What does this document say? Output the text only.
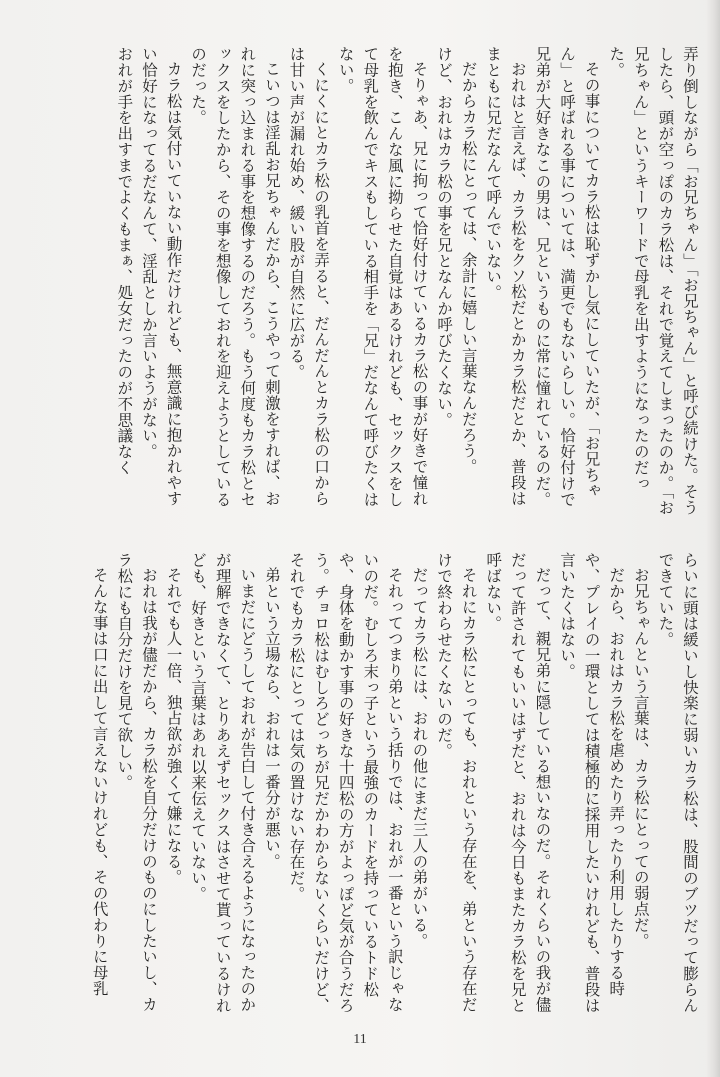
弄り倒しながら「お兄ちゃん」「お兄ちゃん」と呼び続けた。そうしたら、頭が空っぽのカラ松は、それで覚えてしまったのか。「お兄ちゃん」というキーワードで母乳を出すようになったのだった。

その事についてカラ松は恥ずかし気にしていたが、「お兄ちゃん」と呼ばれる事については、満更でもないらしい。恰好付けで兄弟が大好きなこの男は、兄というものに常に憧れているのだ。

おれはと言えば、カラ松をクソ松だとかカラ松だとか、普段はまともに兄だなんて呼んでいない。

だからカラ松にとっては、余計に嬉しい言葉なんだろう。

けど、おれはカラ松の事を兄となんか呼びたくない。

そりゃあ、兄に拘って恰好付けているカラ松の事が好きで憧れを抱き、こんな風に拗らせた自覚はあるけれども、セックスをして母乳を飲んでキスもしている相手を「兄」だなんて呼びたくはない。

くにくにとカラ松の乳首を弄ると、だんだんとカラ松の口からは甘い声が漏れ始め、緩い股が自然に広がる。

こいつは淫乱お兄ちゃんだから、こうやって刺激をすれば、おれに突っ込まれる事を想像するのだろう。もう何度もカラ松とセックスをしたから、その事を想像しておれを迎えようとしているのだった。

カラ松は気付いていない動作だけれども、無意識に抱かれやすい恰好になってるだなんて、淫乱としか言いようがない。

おれが手を出すまでよくもまぁ、処女だったのが不思議なく

らいに頭は緩いし快楽に弱いカラ松は、股間のブツだって膨らんできていた。

お兄ちゃんという言葉は、カラ松にとっての弱点だ。

だから、おれはカラ松を虐めたり弄ったり利用したりする時や、プレイの一環としては積極的に採用したいけれども、普段は言いたくはない。

だって、親兄弟に隠している想いなのだ。それくらいの我が儘だって許されてもいいはずだと、おれは今日もまたカラ松を兄と呼ばない。

それにカラ松にとっても、おれという存在を、弟という存在だけで終わらせたくないのだ。

だってカラ松には、おれの他にまだ三人の弟がいる。

それってつまり弟という括りでは、おれが一番という訳じゃないのだ。むしろ末っ子という最強のカードを持っているトド松や、身体を動かす事の好きな十四松の方がよっぽど気が合うだろう。チョロ松はむしろどっちが兄だかわからないくらいだけど、それでもカラ松にとっては気の置けない存在だ。

弟という立場なら、おれは一番分が悪い。

いまだにどうしておれが告白して付き合えるようになったのかが理解できなくて、とりあえずセックスはさせて貰っているけれども、好きという言葉はあれ以来伝えていない。

それでも人一倍、独占欲が強くて嫌になる。

おれは我が儘だから、カラ松を自分だけのものにしたいし、カラ松にも自分だけを見て欲しい。

そんな事は口に出して言えないけれども、その代わりに母乳

11
